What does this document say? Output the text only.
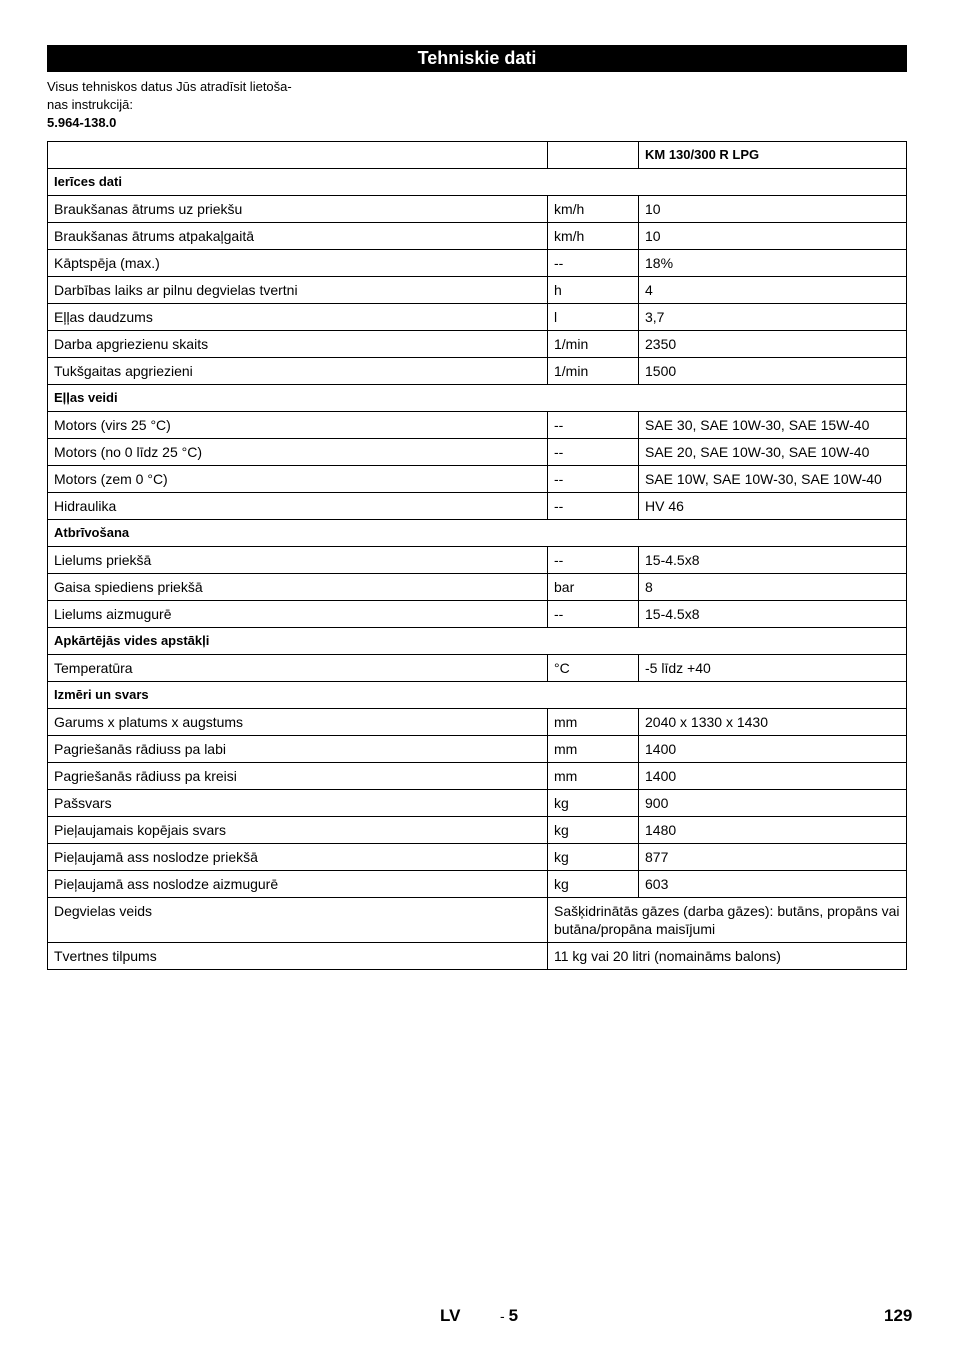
Tehniskie dati
Visus tehniskos datus Jūs atradīsit lietoša-
nas instrukcijā:
5.964-138.0
		KM 130/300 R LPG
Ierīces dati		
Braukšanas ātrums uz priekšu	km/h	10
Braukšanas ātrums atpakaļgaitā	km/h	10
Kāptspēja (max.)	--	18%
Darbības laiks ar pilnu degvielas tvertni	h	4
Eļļas daudzums	l	3,7
Darba apgriezienu skaits	1/min	2350
Tukšgaitas apgriezieni	1/min	1500
Eļļas veidi		
Motors (virs 25 °C)	--	SAE 30, SAE 10W-30, SAE 15W-40
Motors (no 0 līdz 25 °C)	--	SAE 20, SAE 10W-30, SAE 10W-40
Motors (zem 0 °C)	--	SAE 10W, SAE 10W-30, SAE 10W-40
Hidraulika	--	HV 46
Atbrīvošana		
Lielums priekšā	--	15-4.5x8
Gaisa spiediens priekšā	bar	8
Lielums aizmugurē	--	15-4.5x8
Apkārtējās vides apstākļi		
Temperatūra	°C	-5 līdz +40
Izmēri un svars		
Garums x platums x augstums	mm	2040 x 1330 x 1430
Pagriešanās rādiuss pa labi	mm	1400
Pagriešanās rādiuss pa kreisi	mm	1400
Pašsvars	kg	900
Pieļaujamais kopējais svars	kg	1480
Pieļaujamā ass noslodze priekšā	kg	877
Pieļaujamā ass noslodze aizmugurē	kg	603
Degvielas veids	Sašķidrinātās gāzes (darba gāzes): butāns, propāns vai butāna/propāna maisījumi	
Tvertnes tilpums	11 kg vai 20 litri (nomaināms balons)	
LV	- 5	129
